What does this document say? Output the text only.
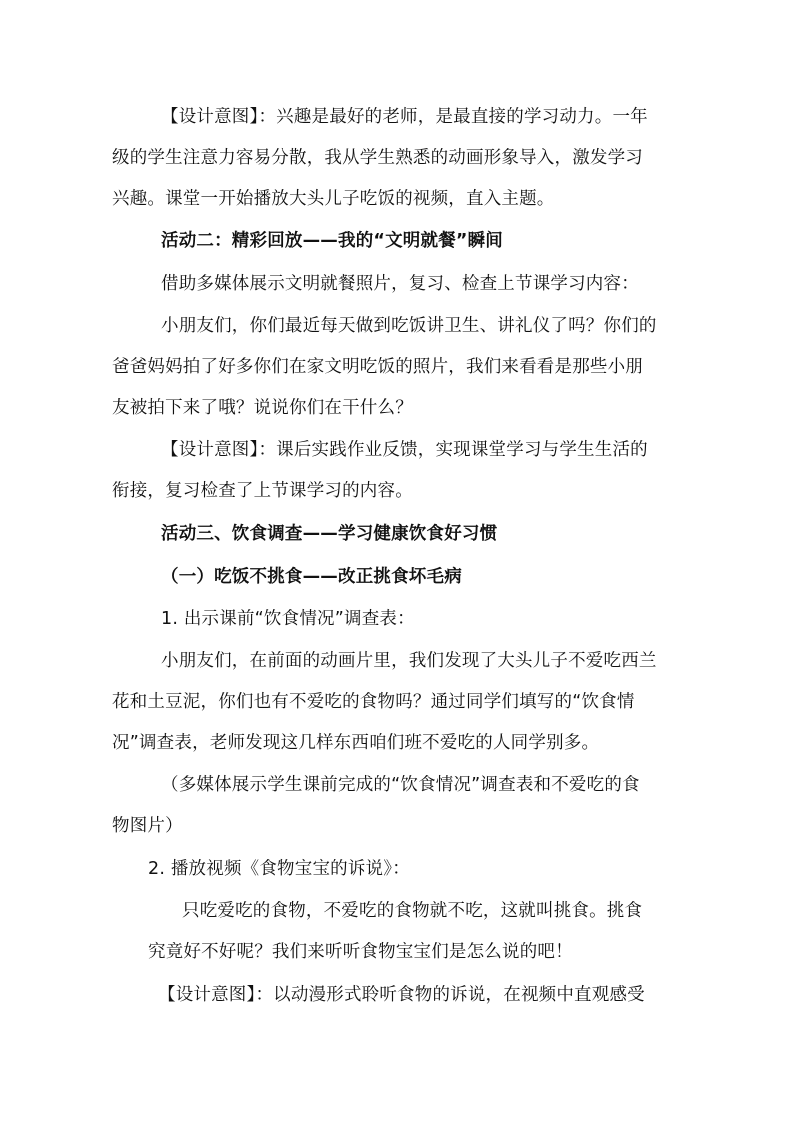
【设计意图】：兴趣是最好的老师，是最直接的学习动力。一年
级的学生注意力容易分散，我从学生熟悉的动画形象导入，激发学习
兴趣。课堂一开始播放大头儿子吃饭的视频，直入主题。
活动二：精彩回放——我的“文明就餐”瞬间
借助多媒体展示文明就餐照片，复习、检查上节课学习内容：
小朋友们，你们最近每天做到吃饭讲卫生、讲礼仪了吗？你们的
爸爸妈妈拍了好多你们在家文明吃饭的照片，我们来看看是那些小朋
友被拍下来了哦？说说你们在干什么？
【设计意图】：课后实践作业反馈，实现课堂学习与学生生活的
衔接，复习检查了上节课学习的内容。
活动三、饮食调查——学习健康饮食好习惯
（一）吃饭不挑食——改正挑食坏毛病
1. 出示课前“饮食情况”调查表：
小朋友们，在前面的动画片里，我们发现了大头儿子不爱吃西兰
花和土豆泥，你们也有不爱吃的食物吗？通过同学们填写的“饮食情
况”调查表，老师发现这几样东西咱们班不爱吃的人同学别多。
（多媒体展示学生课前完成的“饮食情况”调查表和不爱吃的食
物图片）
2. 播放视频《食物宝宝的诉说》：
只吃爱吃的食物，不爱吃的食物就不吃，这就叫挑食。挑食
究竟好不好呢？我们来听听食物宝宝们是怎么说的吧！
【设计意图】：以动漫形式聆听食物的诉说，在视频中直观感受
